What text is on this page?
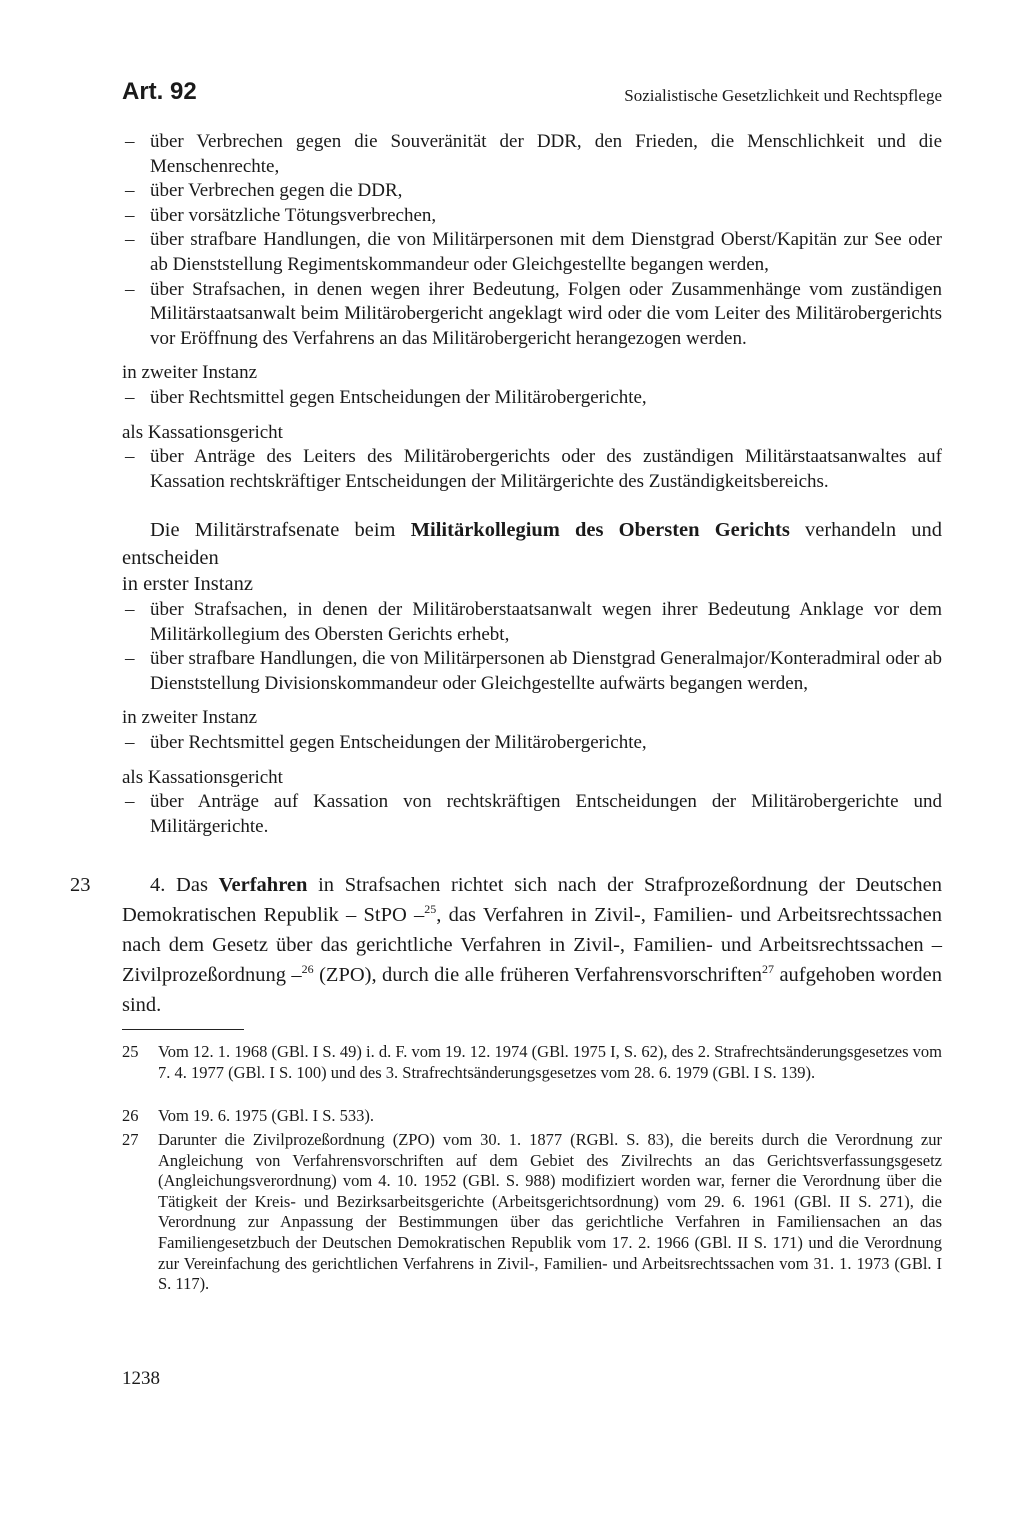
Art. 92	Sozialistische Gesetzlichkeit und Rechtspflege

– über Verbrechen gegen die Souveränität der DDR, den Frieden, die Menschlichkeit und die Menschenrechte,

– über Verbrechen gegen die DDR,

– über vorsätzliche Tötungsverbrechen,

– über strafbare Handlungen, die von Militärpersonen mit dem Dienstgrad Oberst/Kapitän zur See oder ab Dienststellung Regimentskommandeur oder Gleichgestellte begangen werden,

– über Strafsachen, in denen wegen ihrer Bedeutung, Folgen oder Zusammenhänge vom zuständigen Militärstaatsanwalt beim Militärobergericht angeklagt wird oder die vom Leiter des Militärobergerichts vor Eröffnung des Verfahrens an das Militärobergericht herangezogen werden.

in zweiter Instanz

– über Rechtsmittel gegen Entscheidungen der Militärobergerichte,

als Kassationsgericht

– über Anträge des Leiters des Militärobergerichts oder des zuständigen Militärstaatsanwaltes auf Kassation rechtskräftiger Entscheidungen der Militärgerichte des Zuständigkeitsbereichs.

Die Militärstrafsenate beim Militärkollegium des Obersten Gerichts verhandeln und entscheiden

in erster Instanz

– über Strafsachen, in denen der Militäroberstaatsanwalt wegen ihrer Bedeutung Anklage vor dem Militärkollegium des Obersten Gerichts erhebt,

– über strafbare Handlungen, die von Militärpersonen ab Dienstgrad Generalmajor/Konteradmiral oder ab Dienststellung Divisionskommandeur oder Gleichgestellte aufwärts begangen werden,

in zweiter Instanz

– über Rechtsmittel gegen Entscheidungen der Militärobergerichte,

als Kassationsgericht

– über Anträge auf Kassation von rechtskräftigen Entscheidungen der Militärobergerichte und Militärgerichte.

23	4. Das Verfahren in Strafsachen richtet sich nach der Strafprozeßordnung der Deutschen Demokratischen Republik – StPO –$^{25}$, das Verfahren in Zivil-, Familien- und Arbeitsrechtssachen nach dem Gesetz über das gerichtliche Verfahren in Zivil-, Familien- und Arbeitsrechtssachen – Zivilprozeßordnung –$^{26}$ (ZPO), durch die alle früheren Verfahrensvorschriften$^{27}$ aufgehoben worden sind.
25 Vom 12. 1. 1968 (GBl. I S. 49) i. d. F. vom 19. 12. 1974 (GBl. 1975 I, S. 62), des 2. Strafrechtsänderungsgesetzes vom 7. 4. 1977 (GBl. I S. 100) und des 3. Strafrechtsänderungsgesetzes vom 28. 6. 1979 (GBl. I S. 139).
26 Vom 19. 6. 1975 (GBl. I S. 533).
27 Darunter die Zivilprozeßordnung (ZPO) vom 30. 1. 1877 (RGBl. S. 83), die bereits durch die Verordnung zur Angleichung von Verfahrensvorschriften auf dem Gebiet des Zivilrechts an das Gerichtsverfassungsgesetz (Angleichungsverordnung) vom 4. 10. 1952 (GBl. S. 988) modifiziert worden war, ferner die Verordnung über die Tätigkeit der Kreis- und Bezirksarbeitsgerichte (Arbeitsgerichtsordnung) vom 29. 6. 1961 (GBl. II S. 271), die Verordnung zur Anpassung der Bestimmungen über das gerichtliche Verfahren in Familiensachen an das Familiengesetzbuch der Deutschen Demokratischen Republik vom 17. 2. 1966 (GBl. II S. 171) und die Verordnung zur Vereinfachung des gerichtlichen Verfahrens in Zivil-, Familien- und Arbeitsrechtssachen vom 31. 1. 1973 (GBl. I S. 117).
1238
